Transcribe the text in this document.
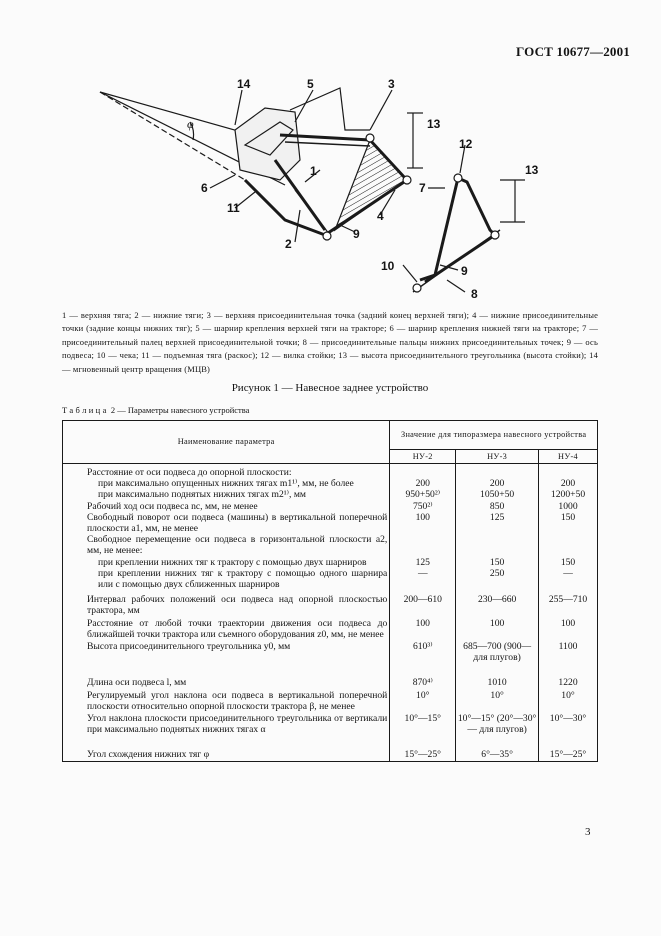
ГОСТ 10677—2001
14	5	3
13
1
6
11
4
9
2
12
13
7
9
10
8
φ
1 — верхняя тяга; 2 — нижние тяги; 3 — верхняя присоединительная точка (задний конец верхней тяги); 4 — нижние присоединительные точки (задние концы нижних тяг); 5 — шарнир крепления верхней тяги на тракторе; 6 — шарнир крепления нижней тяги на тракторе; 7 — присоединительный палец верхней присоединительной точки; 8 — присоединительные пальцы нижних присоединительных точек; 9 — ось подвеса; 10 — чека; 11 — подъемная тяга (раскос); 12 — вилка стойки; 13 — высота присоединительного треугольника (высота стойки); 14 — мгновенный центр вращения (МЦВ)
Рисунок 1 — Навесное заднее устройство
Таблица 2 — Параметры навесного устройства
Наименование параметра	Значение для типоразмера навесного устройства		
	НУ-2	НУ-3	НУ-4

Расстояние от оси подвеса до опорной плоскости:			

при максимально опущенных нижних тягах m1¹⁾, мм, не более	200	200	200

при максимально поднятых нижних тягах m2¹⁾, мм	950+50²⁾	1050+50	1200+50

Рабочий ход оси подвеса nc, мм, не менее	750²⁾	850	1000

Свободный поворот оси подвеса (машины) в вертикальной поперечной плоскости a1, мм, не менее	100	125	150

Свободное перемещение оси подвеса в горизонтальной плоскости a2, мм, не менее:			

при креплении нижних тяг к трактору с помощью двух шарниров	125	150	150

при креплении нижних тяг к трактору с помощью одного шарнира или с помощью двух сближенных шарниров	—	250	—

Интервал рабочих положений оси подвеса над опорной плоскостью трактора, мм	200—610	230—660	255—710

Расстояние от любой точки траектории движения оси подвеса до ближайшей точки трактора или съемного оборудования z0, мм, не менее	100	100	100

Высота присоединительного треугольника y0, мм	610³⁾	685—700 (900— для плугов)	1100

Длина оси подвеса l, мм	870⁴⁾	1010	1220

Регулируемый угол наклона оси подвеса в вертикальной поперечной плоскости относительно опорной плоскости трактора β, не менее	10°	10°	10°

Угол наклона плоскости присоединительного треугольника от вертикали при максимально поднятых нижних тягах α	10°—15°	10°—15° (20°—30° — для плугов)	10°—30°

Угол схождения нижних тяг φ	15°—25°	6°—35°	15°—25°
3
